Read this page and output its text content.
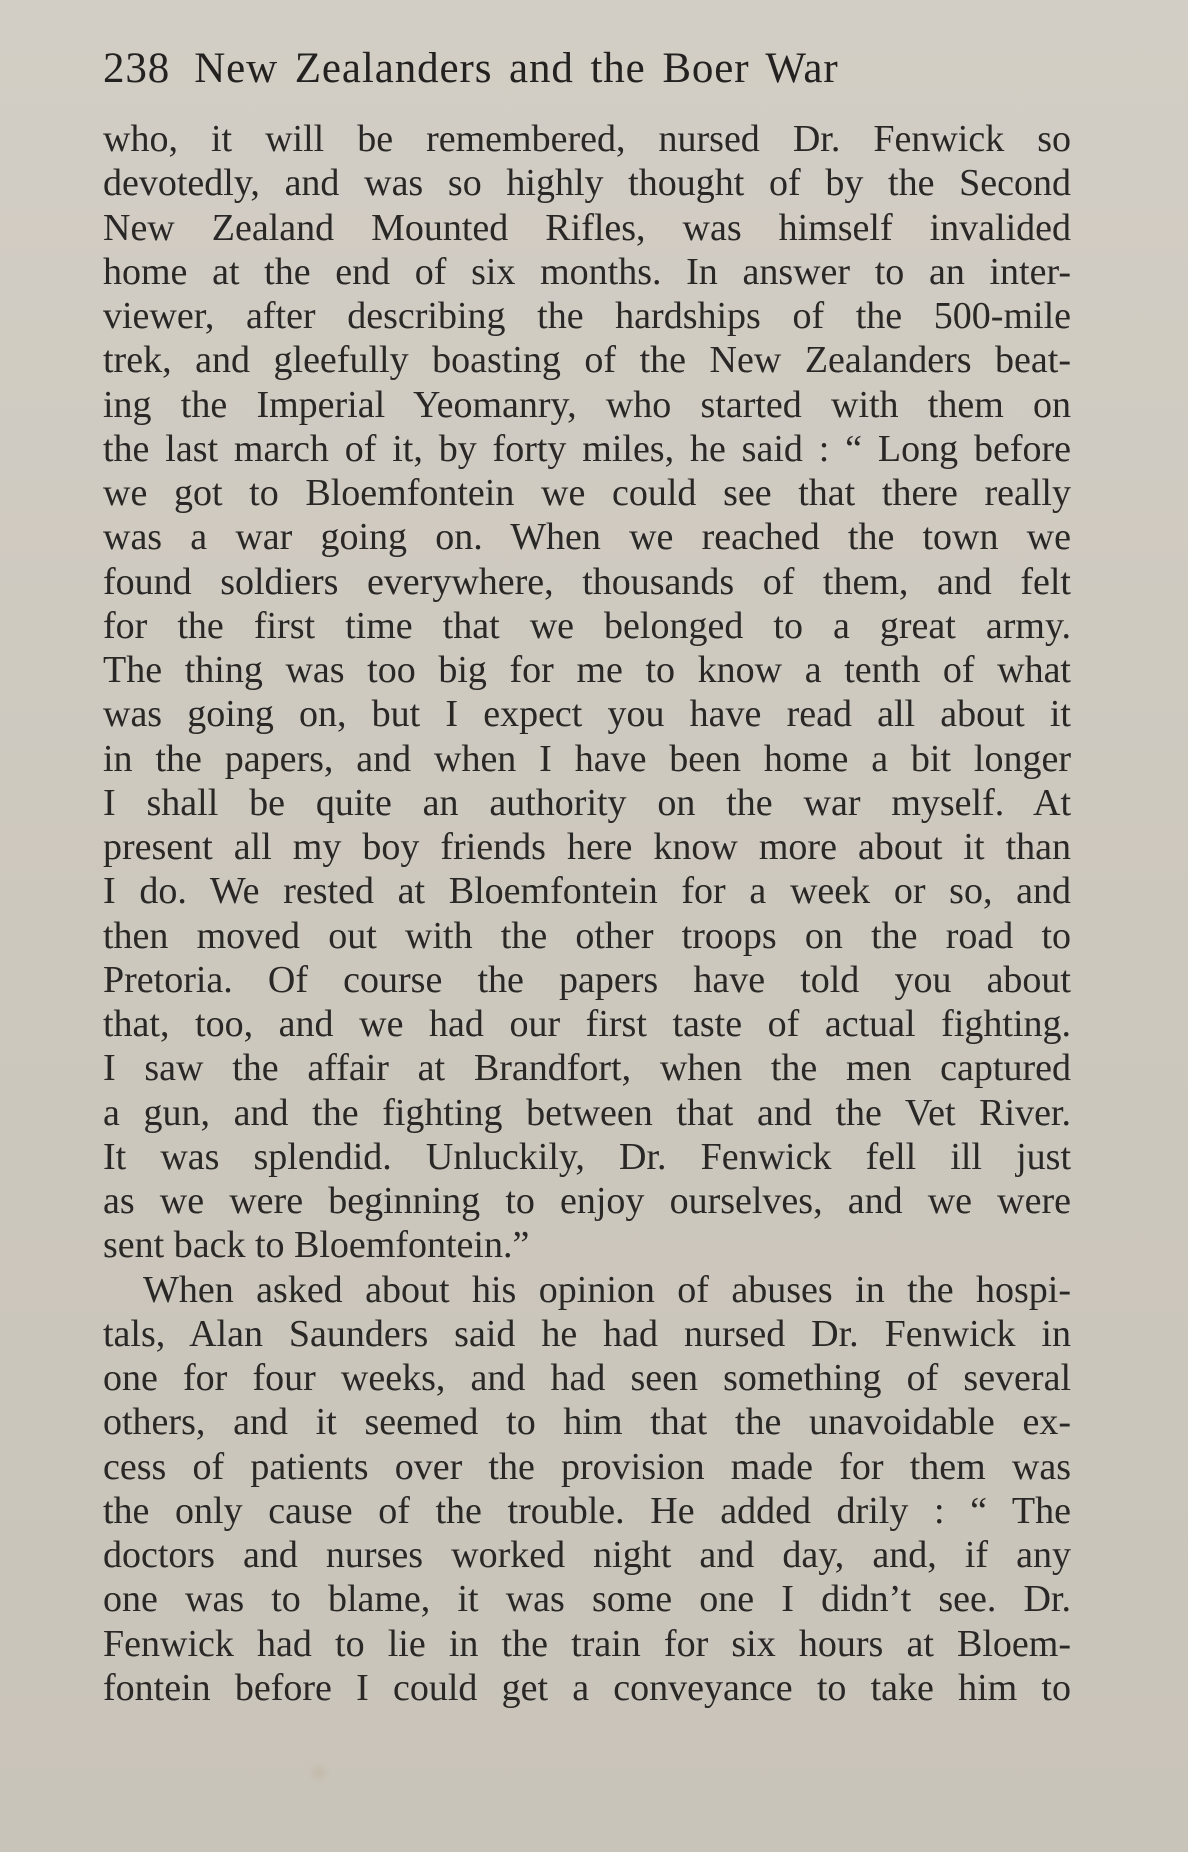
238 New Zealanders and the Boer War
who, it will be remembered, nursed Dr. Fenwick so
devotedly, and was so highly thought of by the Second
New Zealand Mounted Rifles, was himself invalided
home at the end of six months. In answer to an inter-
viewer, after describing the hardships of the 500-mile
trek, and gleefully boasting of the New Zealanders beat-
ing the Imperial Yeomanry, who started with them on
the last march of it, by forty miles, he said : “ Long before
we got to Bloemfontein we could see that there really
was a war going on. When we reached the town we
found soldiers everywhere, thousands of them, and felt
for the first time that we belonged to a great army.
The thing was too big for me to know a tenth of what
was going on, but I expect you have read all about it
in the papers, and when I have been home a bit longer
I shall be quite an authority on the war myself. At
present all my boy friends here know more about it than
I do. We rested at Bloemfontein for a week or so, and
then moved out with the other troops on the road to
Pretoria. Of course the papers have told you about
that, too, and we had our first taste of actual fighting.
I saw the affair at Brandfort, when the men captured
a gun, and the fighting between that and the Vet River.
It was splendid. Unluckily, Dr. Fenwick fell ill just
as we were beginning to enjoy ourselves, and we were
sent back to Bloemfontein.”
When asked about his opinion of abuses in the hospi-
tals, Alan Saunders said he had nursed Dr. Fenwick in
one for four weeks, and had seen something of several
others, and it seemed to him that the unavoidable ex-
cess of patients over the provision made for them was
the only cause of the trouble. He added drily : “ The
doctors and nurses worked night and day, and, if any
one was to blame, it was some one I didn’t see. Dr.
Fenwick had to lie in the train for six hours at Bloem-
fontein before I could get a conveyance to take him to
